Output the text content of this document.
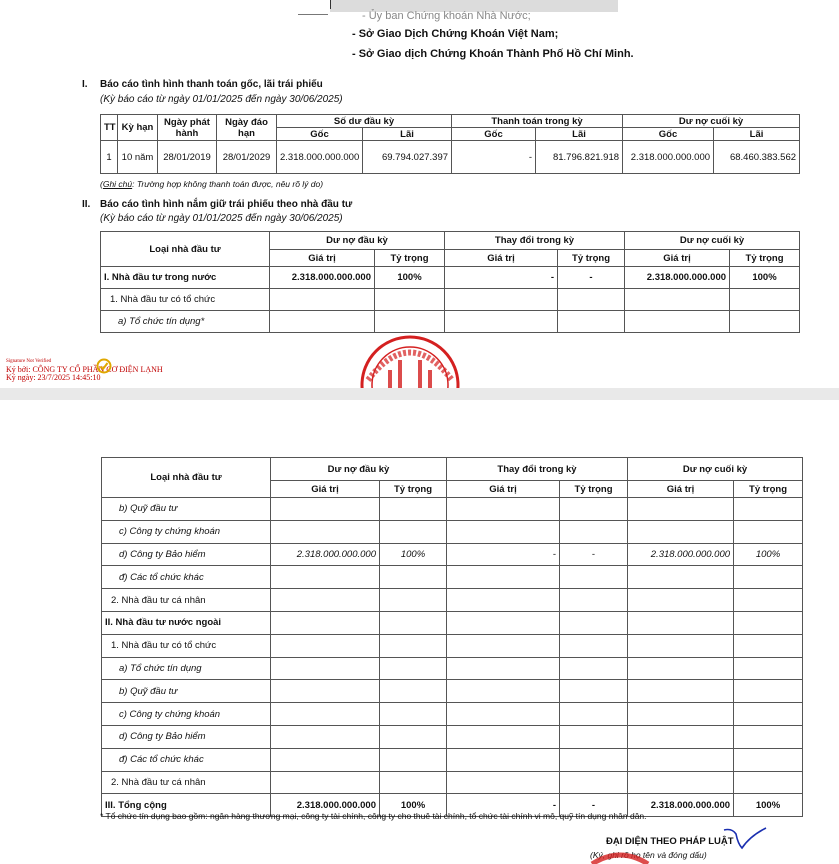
- Ủy ban Chứng khoán Nhà Nước;
- Sở Giao Dịch Chứng Khoán Việt Nam;
- Sở Giao dịch Chứng Khoán Thành Phố Hồ Chí Minh.
I. Báo cáo tình hình thanh toán gốc, lãi trái phiếu
(Kỳ báo cáo từ ngày 01/01/2025 đến ngày 30/06/2025)
TT	Kỳ hạn	Ngày phát hành	Ngày đáo hạn	Số dư đầu kỳ		Thanh toán trong kỳ		Dư nợ cuối kỳ	
				Gốc	Lãi	Gốc	Lãi	Gốc	Lãi
1	10 năm	28/01/2019	28/01/2029	2.318.000.000.000	69.794.027.397	-	81.796.821.918	2.318.000.000.000	68.460.383.562
(Ghi chú: Trường hợp không thanh toán được, nêu rõ lý do)
II. Báo cáo tình hình nắm giữ trái phiếu theo nhà đầu tư
(Kỳ báo cáo từ ngày 01/01/2025 đến ngày 30/06/2025)
Loại nhà đầu tư	Dư nợ đầu kỳ		Thay đổi trong kỳ		Dư nợ cuối kỳ	
	Giá trị	Tỷ trọng	Giá trị	Tỷ trọng	Giá trị	Tỷ trọng
I. Nhà đầu tư trong nước	2.318.000.000.000	100%	-	-	2.318.000.000.000	100%
1. Nhà đầu tư có tổ chức						
a) Tổ chức tín dụng*						
Signature Not Verified
Ký bởi: CÔNG TY CỔ PHẦN CƠ ĐIỆN LẠNH
Ký ngày: 23/7/2025 14:45:10
Loại nhà đầu tư	Dư nợ đầu kỳ		Thay đổi trong kỳ		Dư nợ cuối kỳ	
	Giá trị	Tỷ trọng	Giá trị	Tỷ trọng	Giá trị	Tỷ trọng
b) Quỹ đầu tư						
c) Công ty chứng khoán						
d) Công ty Bảo hiểm	2.318.000.000.000	100%	-	-	2.318.000.000.000	100%
đ) Các tổ chức khác						
2. Nhà đầu tư cá nhân						
II. Nhà đầu tư nước ngoài						
1. Nhà đầu tư có tổ chức						
a) Tổ chức tín dụng						
b) Quỹ đầu tư						
c) Công ty chứng khoán						
d) Công ty Bảo hiểm						
đ) Các tổ chức khác						
2. Nhà đầu tư cá nhân						
III. Tổng cộng	2.318.000.000.000	100%	-	-	2.318.000.000.000	100%
* Tổ chức tín dụng bao gồm: ngân hàng thương mại, công ty tài chính, công ty cho thuê tài chính, tổ chức tài chính vi mô, quỹ tín dụng nhân dân.
ĐẠI DIỆN THEO PHÁP LUẬT
(Ký, ghi rõ họ tên và đóng dấu)
